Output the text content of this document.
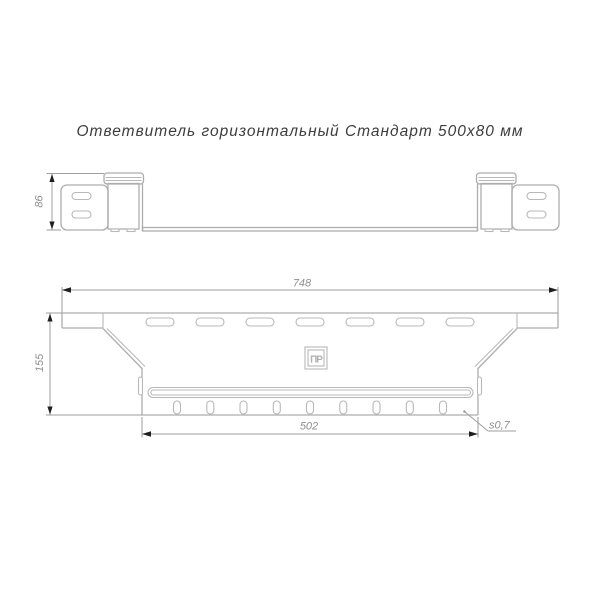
Ответвитель горизонтальный Стандарт 500х80 мм
86
748
ПР
155
502	s0,7
